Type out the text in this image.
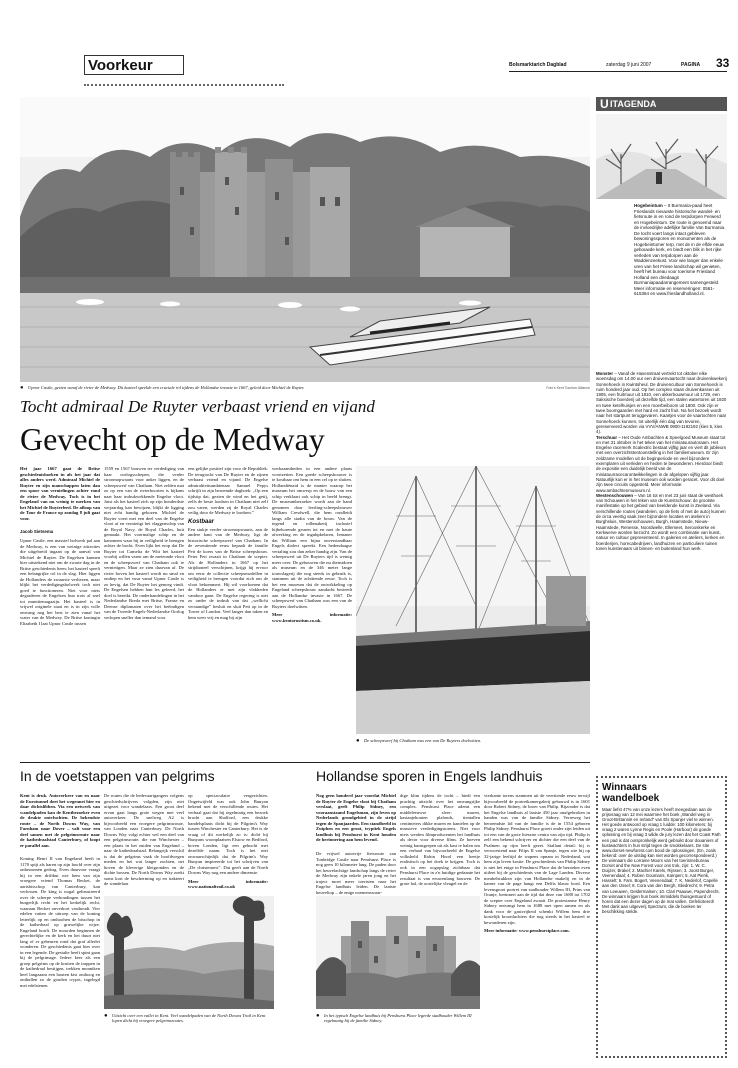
Voorkeur	Bolsmarktarich Dagblad	zaterdag 9 juni 2007	PAGINA 33
● Upnor Castle, gezien vanaf de rivier de Medway. Dit kasteel speelde een cruciale rol tijdens de Hollandse invasie in 1667, geleid door Michiel de Ruyter.	Foto's Kent Tourism Alliance
U ITAGENDA
Hogebeintum – It Burmania-paad heet Frieslands nieuwste historische wandel- en fietsroute in en rond de terpdorpen Ferwerd en Hogebeintum. De route is genoemd naar de invloedrijke adellijke familie Van Burmania. De tocht voert langs intact gebleven bewoningssporen en monumenten als de Hogebeintumer terp, met de in de elfde eeuw gebouwde kerk, en biedt een blik in het rijke verleden van terpdorpen aan de Waddenzeekust. Voor wie langer dan enkele uren van het Friese landschap wil genieten, heeft het bureau voor toerisme Friesland Holland een driedaags Burmaniapaadarrangement samengesteld. Meer informatie en reserveringen: 0561-615364 en www.frieslandholland.nl.

Monster – Vanaf de Havenstraat vertrekt tot oktober elke woensdag om 14.00 uur een druivenvaartocht naar druivenkwekerij Sonnehoeck in Kwintsheul. De druivencultuur van Sonnehoeck is ruim honderd jaar oud. Op het complex staan druivenkassen uit 1905, een fruitmuur uit 1810, een akkerbouwmuur uit 1729, een Saksische boerderij uit dezelfde tijd, een stalen watertoren uit 1920 en twee ketelhuisjes en een moerbeiboom uit 1800. Ook zijn er twee boomgaarden met hard en zacht fruit. Na het bezoek wordt naar het startpunt teruggevaren. Kaartjes voor de vaartochten naar Sonnehoeck kunnen, tot uiterlijk één dag van tevoren, gereserveerd worden via VVV/ANWB 0900-1192192 (kies 5, kies 4).

Terschuur – Het Oude Ambachten & Speelgoed Museum staat tot en met 31 oktober in het teken van het miniatuurautoraam. Het Engelse racemerk Scalextric bestaat vijftig jaar en viert dit jubileum met een overzichtstentoonstelling in het familiemuseum. Er zijn zeldzame modellen uit de beginperiode en veel bijzondere exemplaren uit verleden en heden te bewonderen. Hierdoor biedt de expositie een duidelijk beeld van de miniatuurracecarontwikkelingen in de afgelopen vijftig jaar. Natuurlijk kun er in het museum ook worden geracet. Voor dit doel zijn twee circuits opgesteld. Meer informatie: www.ambachtenmuseum.nl.

Westenschouwen – Van 16 tot en met 23 juni staat de westhoek van Schouwen in het teken van de Kunstschouw: de grootste manifestatie op het gebied van beeldende kunst in Zeeland. Via verschillende routes (wandelen, op de fiets of met de auto) kunnen de circa veertig vaak zeer bijzondere locaties en ateliers in Burghsluis, Westenschouwen, Burgh, Haamstede, Nieuw-Haamstede, Renesse, Noordwelle, Ellemeet, Serooskerke en Kerkwerve worden bezocht. Zo wordt een combinatie van kunst, natuur en cultuur gepresenteerd. In galeries en ateliers, kerken en boerderijen, horecabedrijven, landhuizen en particuliere tuinen tonen kunstenaars uit binnen- en buitenland hun werk.

Tocht admiraal De Ruyter verbaast vriend en vijand
Gevecht op de Medway
Het jaar 1667 gaat de Britse geschiedenisboeken in als het jaar dat alles anders werd. Admiraal Michiel de Ruyter en zijn manschappen laten dan een spoor van vernielingen achter rond de rivier de Medway. Toch is in het Engeland van nu weinig te merken van het Michiel de Ruyterleed. De afloop van de Tour de France op zondag 8 juli gaat voor.
Jacob Sietsema
Upnor Castle, een massief bolwerk pal aan de Medway, is een van weinige attracties die uitgebreid ingaan op de aanval van Michiel de Ruyter. De Engelsen kunnen hier uitstekend niet om de zwarte dag in de Britse geschiedenis heen; het kasteel speelt een belangrijke rol in de slag. Hier liggen de Hollanders de zwaarste verliezen, maar blijkt het verdedigingsbolwerk toch niet goed te functioneren. Niet voor niets degraderen de Engelsen hun trots al snel tot munitiemagazijn. Het kasteel is in vrijwel originele staat en is in zijn volle omvang nog het best te zien vanaf het water van de Medway. De Britse koningin Elizabeth I laat Upnor Castle tussen
1559 en 1567 bouwen ter verdediging van haar oorlogsschepen, die verder stroomopwaarts voor anker liggen, en de scheepswerf van Chatham. Niet zelden mat zo op een van de rivierboorten is bijkans naar haar indrukwekkende Engelse vloot. Juist als het kasteel zich op zijn honderdste verjaardag kan bewijzen, blijkt de ligging niet echt handig gekozen. Michiel de Ruyter voert met een deel van de Engelse vloot af en vernietigt het vlaggenschip van de Royal Navy, de Royal Charles, buit gemaakt. Het voormalige schip en de kanonnen waar hij in veiligheid te brengen achter de bocht. Even lijkt het erop dat De Ruyter tot Camelia de Witt het kasteel voorbij willen varen om de meteonde vloot en de scheepswerf van Chatham ook te vernietigen. Maar ze zien daarvan af. De rivier boven het kasteel wordt nu smal en ondiep en het vuur vanaf Upnor Castle is zo hevig, dat De Ruyter het genoeg vindt. De Engelsen hebben hun les geleerd, het doel is bereikt. De onderhandelingen in het Nederlandse Breda met Britse, Franse en Deense diplomaten over het beëindigen van de Tweede Engels-Nederlandse Oorlog verlopen sneller dan iemand voor
een gelijke positief zijn voor de Republiek. De terugtocht van De Ruyter en de zijnen verbaast vriend en vijand. De Engelse admiraliteitsambtenaar Samuel Pepys schrijft in zijn beroemde dagboek: „Op een tijdstip dat, gezien de wind en het getij, zelfs de beste loodsen in Chatham niet zelf zou varen, werden zij de Royal Charles veilig door de Medway te loodsen.”
Kostbaar
Een stukje verder stroomopwaarts, aan de andere kant van de Medway, ligt de historische scheepswerf van Chatham. In de zeventiende eeuw bepaalt de familie Pett de koers van de Britse scheepsbouw. Peter Pett zwaait in Chatham de scepter. Als de Hollanders in 1667 op het strijdtoneel verschijnen, krijgt hij ervoor om eerst de collectie scheepsmodellen in veiligheid te brengen voordat zich om de vloot bekommert. Hij wil voorkomen dat de Hollanders er met zijn vlakheden vandoor gaan. De Engelse regering is niet zo onder de indruk van dat „wellicht verstandige” besluit en sluit Pett op in de Tower of London. Veel langer dan taken en hem weer vrij en mag hij zijn
werkzaamheden in een andere plaats voortzetten. Een goede scheepsbouwer is te kostbaar om hem in een cel op te sluiten. Hollandiënaid is de manier waarop het museum het omwerp en de bouw van een schip verklaart ook schip in beeld brengt. De museumbezoeker wordt aan de hand genomen door leerling-scheepsbouwer William Cresdwell, die hem rondleidt langs alle stadia van de bouw. Van de tegend en rolbmakerij inclusief bijbehorende geuren tot en met de haute afwerking en de inguhpkelaren, Iemaner dat William een bijna onverstandbaar Engels dialect spreekt. Een hedendaagse vertaling zou dan zeker handig zijn. Van de scheepswerf uit De Ruyters tijd is weinig meer over. De gebouwen die nu dienstdoen als museum en de 346 meter lange touwslagerij die nog steeds in gebruik is, stammen uit de achttiende eeuw. Toch is het een museum dat de ontwikkeling op Engeland scheepsbouw aandacht besteedt aan de Hollandse invasie in 1667. De scheepswerf van Chatham was een van de Ruyters doelwitten.
Meer informatie: www.kentorustism.co.uk.
● De scheepswerf bij Chatham was een van De Ruyters doelwitten.
In de voetstappen van pelgrims
Kent is druk. Autoverkeer van en naar de Eurotunnel doet het wegennet hier en daar dichtslibben. Via een netwerk van wandelpaden kan de Kentbezoeker even de drukte ontvluchten. De bekendste route – de North Downs Way, van Farnham naar Dover – valt voor een deel samen met de pelgrimsroute naar de kathedraalstad Canterbury, of loopt er parallel aan.
Koning Henri II van Engeland heeft in 1170 spijt als haren op zijn hoofd over zijn onbezonnen gedrag. Even daarvoor vraagt hij in een driftbui wie hem van zijn vroegere vriend Thomas Becket, de aartsbisschop van Canterbury, kan verlossen. De king is nogal geltrustreerd over de scherpe verhoudingen tussen het burgerlijk recht en het kerkelijk recht, waaraan Becket onverkort vasthoudt. Vier edelen vatten de uitroep van de koning letterlijk op en omhoohen de bisschop in de kathedraal op gruwelijke wijze. Engeland boirlt. De moorden beginnen de gerechtelijke en de kerk en het duurt niet lang of er gebeuren rond dat graf allerlei wonderen. De geschiedenis gaat hier over in een legende. De gestalte heeft spint gaan bij de pelgrimage. Iedere keer als een groep pelgrims op de kruiten de trappen in de kathedraal bestijgen, trekken monniken heel langzaam een houten kist omhoog en onthullen zo de gouden crypts, ingelegd met edelstenen.
De routes die de bedevaartgangers volgens geschiedschrijvers volgden, zijn niet uitgezet voor wandelaars. Een groot deel ervan gaat langs grote wegen met veel autoverkeer. De snelweg A2 is bijvoorbeeld een vroegere pelgrimsroute, van Londen naar Canterbury. De North Downs Way volgt echter wel een deel van een pelgrimsroute, die van Winchester – een plaats in het zuiden van Engeland – naar de kathedraalstad. Belangrijk verschil is dat de pelgrims vaak de hoofdwegen meden en het wat langer zochten, net boven de kleverige kleigronden en de dichte bossen. De North Downs Way zoekt soms kort de bescherming op en trakteert de wandelaar
op spectaculaire vergezichten. Ongetwijfeld was ook John Bunyan bekend met de verschillende routes. Het verhaal gaat dat hij regelmatig een bezoek bracht aan Shalford, een drukke handelsplaats dicht bij de Pilgrim's Way tussen Winchester en Canterbury. Het is de vraag of dit werkelijk zo is: dicht bij Bunyans woonplaatsen Elstow en Bedford, boven Londen, ligt een gehucht met dezelfde naam. Toch is het niet onwaarschijnlijk dat de Pilgrim's Way Bunyan inspireerde tot het schrijven van „De christenreis”. Dat geeft aan de North Downs Way nog een andere dimensie.
Meer informatie: www.nationaltrail.co.uk
● Uitzicht over een vallei in Kent. Veel wandelpaden van de North Downs Trail in Kent lopen dicht bij vroegere pelgrimsroutes.
Hollandse sporen in Engels landhuis
Nog geen honderd jaar voordat Michiel de Ruyter de Engelse vloot bij Chatham verslaat, geeft Philip Sidney, een vooraanstaand Engelsman, zijn leven op Nederlands grondgebied in de strijd tegen de Spanjaarden. Een standbeeld in Zutphen en een groot, tryptiek Engels landhuis bij Penshurst in Kent houden de herinnering aan hem levend.
De vrijwel autovrije fietsroute van Tonbridge Castle naar Penshurst Place is nog geen 10 kilometer lang. De paden door het heuvelachtige landschap langs de rivier de Medway zijn enkele jaren jong en het traject moet meer toeristen naar het Engelse landhuis leiden. De laatste heuveltop – de enige noemenswaar-
dige klim tijdens de tocht – biedt een prachtig uitzicht over het omvangrijke complex. Penshurst Place ademt een middeleeuwse sfeer: muren, kastanjehouten plafonds, tientallen centimeters dikke muren en kantelen op de massieve verdedigingstorens. Niet voor niets werden filmproducenten het landhuis als decor voor diverse films. Ze hoeven weinig kunstgrepen uit als kast te halen om een verhaal van bijvoorbeeld de Engelse volksheld Robin Hood een beetje realistisch op het doek te krijgen. Toch is ook in een oogopslag zichtbaar dat Penshurst Place in z'n huidige gedaante het resultaat is van eeuwenlang bouwen. De grote hal, de oostelijke vleugel en de
vierkante torens stammen uit de veertiende eeuw terwijl bijvoorbeeld de portretkamergalerij gebouwd is in 1601 door Robert Sidney, de broer van Philip. Bijzonder is dat het Engelse landhuis al laatste 450 jaar onafgebroken in handen was van de familie Sidney. Verreweg het beroemdste lid van de familie is de in 1554 geboren Philip Sidney. Penshurst Place groeit onder zijn leiden uit tot een van de grote literaire centra van zijn tijd. Philip is zelf een bekend schrijver en dichter die een deel van de Psalmen op rijm heeft gezet. Stallant detail: hij is verwoestend naar Filips II van Spanje, tegen wie hij op 32-jarige leeftijd de wapens opnam in Nederland, wat hem zijn leven kostte. De geschiedenis van Philip Sidney is niet het enige in Penshurst Place dat de bezoeker even uitleet bij de geschiedenis van de Lage Landen. Diverse meubelstukken zijn van Hollandse makelij en in de kamer van de page hangt een Delfts blauw bord. Een levensgroot portret van stadhouder Willem III, Prins van Oranje, herinnert aan de tijd dat deze van 1688 tot 1702 de scepter over Engeland zwaait. De protestantse Henry Sidney ontvangt hem in 1688 met open armen en als dank voor de gastvrijheid schenkt Willem hem drie kostelijk kroonluchters die nog steeds in het kasteel te bewonderen zijn.
Meer informatie: www.penshurstplace.com.
● In het typisch Engelse landhuis bij Penshurst Place legerde stadhouder Willem III regelmatig bij de familie Sidney.
Winnaars
wandelboek
Maar liefst 47% van onze lezers heeft meegedaan aan de prijsvraag van 12 mei waarmee het boek „Wandel weg in Groot-Brittannië en Ierland” van Els Spanjer viel te winnen. Het goede antwoord op vraag 1 luidde: 100 kilometers; bij vraag 2 waren Lynne Regis en Poole (Harbour) de goede oplossing en bij vraag 3 wilde de jury lezen dat het Coast Path een pad is dat oorspronkelijk werd gebruikt door douaniers of kustwachters in hun strijd tegen de smokkelaars. De site www.dorset-newforest.com bood de oplossingen. (En, zoals bekend: over de uitslag kan niet worden gecorrespondeerd.) De winnaars die Lorraine Moors van het toerismebureau Dorset and the New Forest voor ons trok, zijn: 1. W. C. Duijzer, Brakel; 2. Machiel Karels, Rijssen; 3. Joost Burger, Veenendaal; 4. Ruben Goumans, Kampen; 5. Aat Pierik, Hasselt; 6. Fam. Bogert, Veenendaal; 7. K. Nederlof, Capelle aan den IJssel; 8. Cora van den Bergh, Sliedrecht; 9. Petra van Leeuwen, Geldermalsen; 10. Clari Paauwe, Papendrecht. De winnaars krijgen hun boek immiddels thuisgestuurd of horen dat een dezer dagen op de mat vallen. Gefeliciteerd! Met dank aan uitgeverij Spectrum, die de boeken ter beschikking stelde.
